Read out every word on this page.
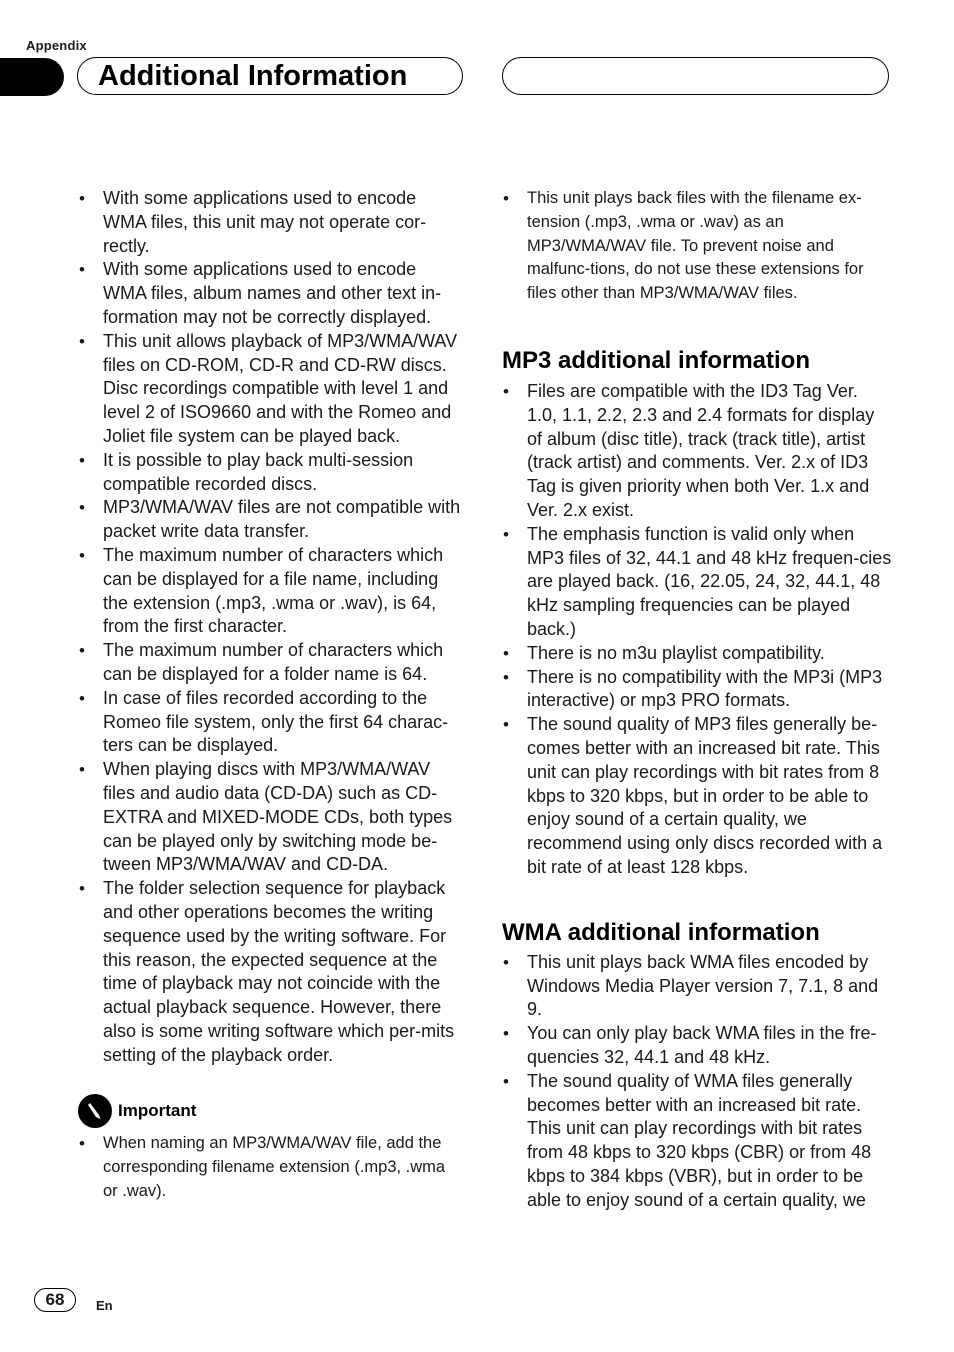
Appendix
Additional Information
• With some applications used to encode WMA files, this unit may not operate cor-rectly.
• With some applications used to encode WMA files, album names and other text in-formation may not be correctly displayed.
• This unit allows playback of MP3/WMA/WAV files on CD-ROM, CD-R and CD-RW discs. Disc recordings compatible with level 1 and level 2 of ISO9660 and with the Romeo and Joliet file system can be played back.
• It is possible to play back multi-session compatible recorded discs.
• MP3/WMA/WAV files are not compatible with packet write data transfer.
• The maximum number of characters which can be displayed for a file name, including the extension (.mp3, .wma or .wav), is 64, from the first character.
• The maximum number of characters which can be displayed for a folder name is 64.
• In case of files recorded according to the Romeo file system, only the first 64 charac-ters can be displayed.
• When playing discs with MP3/WMA/WAV files and audio data (CD-DA) such as CD-EXTRA and MIXED-MODE CDs, both types can be played only by switching mode be-tween MP3/WMA/WAV and CD-DA.
• The folder selection sequence for playback and other operations becomes the writing sequence used by the writing software. For this reason, the expected sequence at the time of playback may not coincide with the actual playback sequence. However, there also is some writing software which per-mits setting of the playback order.
Important
• When naming an MP3/WMA/WAV file, add the corresponding filename extension (.mp3, .wma or .wav).
• This unit plays back files with the filename ex-tension (.mp3, .wma or .wav) as an MP3/WMA/WAV file. To prevent noise and malfunc-tions, do not use these extensions for files other than MP3/WMA/WAV files.
MP3 additional information
• Files are compatible with the ID3 Tag Ver. 1.0, 1.1, 2.2, 2.3 and 2.4 formats for display of album (disc title), track (track title), artist (track artist) and comments. Ver. 2.x of ID3 Tag is given priority when both Ver. 1.x and Ver. 2.x exist.
• The emphasis function is valid only when MP3 files of 32, 44.1 and 48 kHz frequen-cies are played back. (16, 22.05, 24, 32, 44.1, 48 kHz sampling frequencies can be played back.)
• There is no m3u playlist compatibility.
• There is no compatibility with the MP3i (MP3 interactive) or mp3 PRO formats.
• The sound quality of MP3 files generally be-comes better with an increased bit rate. This unit can play recordings with bit rates from 8 kbps to 320 kbps, but in order to be able to enjoy sound of a certain quality, we recommend using only discs recorded with a bit rate of at least 128 kbps.
WMA additional information
• This unit plays back WMA files encoded by Windows Media Player version 7, 7.1, 8 and 9.
• You can only play back WMA files in the fre-quencies 32, 44.1 and 48 kHz.
• The sound quality of WMA files generally becomes better with an increased bit rate. This unit can play recordings with bit rates from 48 kbps to 320 kbps (CBR) or from 48 kbps to 384 kbps (VBR), but in order to be able to enjoy sound of a certain quality, we
68	En
